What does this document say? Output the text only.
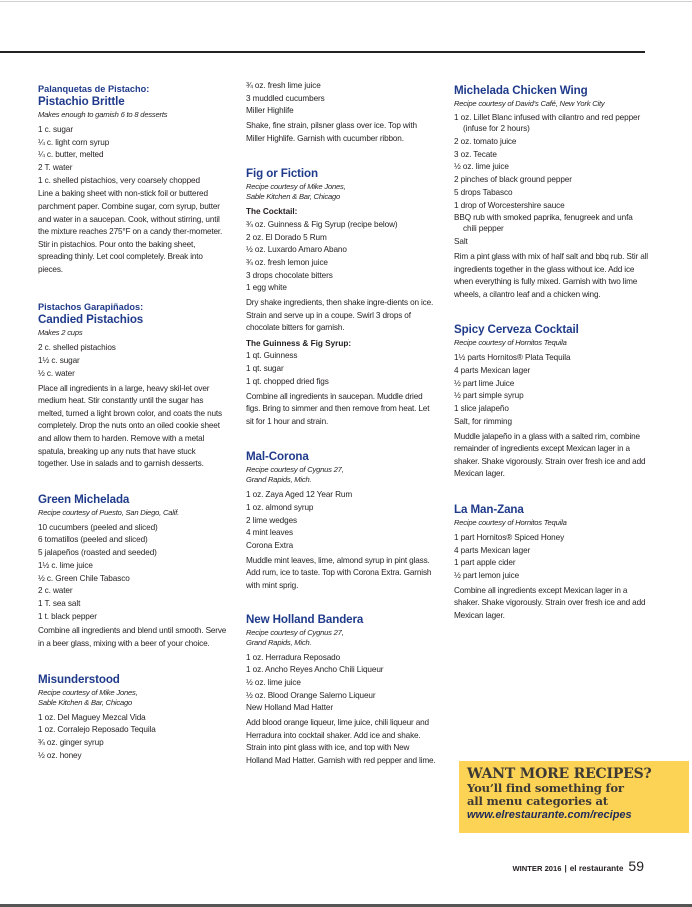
Palanquetas de Pistacho:
Pistachio Brittle
Makes enough to garnish 6 to 8 desserts
1 c. sugar
¼ c. light corn syrup
¼ c. butter, melted
2 T. water
1 c. shelled pistachios, very coarsely chopped
Line a baking sheet with non-stick foil or buttered parchment paper. Combine sugar, corn syrup, butter and water in a saucepan. Cook, without stirring, until the mixture reaches 275°F on a candy ther-mometer. Stir in pistachios. Pour onto the baking sheet, spreading thinly. Let cool completely. Break into pieces.
Pistachos Garapiñados:
Candied Pistachios
Makes 2 cups
2 c. shelled pistachios
1½ c. sugar
½ c. water
Place all ingredients in a large, heavy skil-let over medium heat. Stir constantly until the sugar has melted, turned a light brown color, and coats the nuts completely. Drop the nuts onto an oiled cookie sheet and allow them to harden. Remove with a metal spatula, breaking up any nuts that have stuck together. Use in salads and to garnish desserts.
Green Michelada
Recipe courtesy of Puesto, San Diego, Calif.
10 cucumbers (peeled and sliced)
6 tomatillos (peeled and sliced)
5 jalapeños (roasted and seeded)
1½ c. lime juice
½ c. Green Chile Tabasco
2 c. water
1 T. sea salt
1 t. black pepper
Combine all ingredients and blend until smooth. Serve in a beer glass, mixing with a beer of your choice.
Misunderstood
Recipe courtesy of Mike Jones,
Sable Kitchen & Bar, Chicago
1 oz. Del Maguey Mezcal Vida
1 oz. Corralejo Reposado Tequila
¾ oz. ginger syrup
½ oz. honey
¾ oz. fresh lime juice
3 muddled cucumbers
Miller Highlife
Shake, fine strain, pilsner glass over ice. Top with Miller Highlife. Garnish with cucumber ribbon.
Fig or Fiction
Recipe courtesy of Mike Jones,
Sable Kitchen & Bar, Chicago
The Cocktail:
¾ oz. Guinness & Fig Syrup (recipe below)
2 oz. El Dorado 5 Rum
½ oz. Luxardo Amaro Abano
¾ oz. fresh lemon juice
3 drops chocolate bitters
1 egg white
Dry shake ingredients, then shake ingre-dients on ice. Strain and serve up in a coupe. Swirl 3 drops of chocolate bitters for garnish.
The Guinness & Fig Syrup:
1 qt. Guinness
1 qt. sugar
1 qt. chopped dried figs
Combine all ingredients in saucepan. Muddle dried figs. Bring to simmer and then remove from heat. Let sit for 1 hour and strain.
Mal-Corona
Recipe courtesy of Cygnus 27,
Grand Rapids, Mich.
1 oz. Zaya Aged 12 Year Rum
1 oz. almond syrup
2 lime wedges
4 mint leaves
Corona Extra
Muddle mint leaves, lime, almond syrup in pint glass. Add rum, ice to taste. Top with Corona Extra. Garnish with mint sprig.
New Holland Bandera
Recipe courtesy of Cygnus 27,
Grand Rapids, Mich.
1 oz. Herradura Reposado
1 oz. Ancho Reyes Ancho Chili Liqueur
½ oz. lime juice
½ oz. Blood Orange Salerno Liqueur
New Holland Mad Hatter
Add blood orange liqueur, lime juice, chili liqueur and Herradura into cocktail shaker. Add ice and shake. Strain into pint glass with ice, and top with New Holland Mad Hatter. Garnish with red pepper and lime.
Michelada Chicken Wing
Recipe courtesy of David’s Café, New York City
1 oz. Lillet Blanc infused with cilantro and red pepper (infuse for 2 hours)
2 oz. tomato juice
3 oz. Tecate
½ oz. lime juice
2 pinches of black ground pepper
5 drops Tabasco
1 drop of Worcestershire sauce
BBQ rub with smoked paprika, fenugreek and unfa chili pepper
Salt
Rim a pint glass with mix of half salt and bbq rub. Stir all ingredients together in the glass without ice. Add ice when everything is fully mixed. Garnish with two lime wheels, a cilantro leaf and a chicken wing.
Spicy Cerveza Cocktail
Recipe courtesy of Hornitos Tequila
1½ parts Hornitos® Plata Tequila
4 parts Mexican lager
½ part lime Juice
½ part simple syrup
1 slice jalapeño
Salt, for rimming
Muddle jalapeño in a glass with a salted rim, combine remainder of ingredients except Mexican lager in a shaker. Shake vigorously. Strain over fresh ice and add Mexican lager.
La Man-Zana
Recipe courtesy of Hornitos Tequila
1 part Hornitos® Spiced Honey
4 parts Mexican lager
1 part apple cider
½ part lemon juice
Combine all ingredients except Mexican lager in a shaker. Shake vigorously. Strain over fresh ice and add Mexican lager.
WANT MORE RECIPES?
You’ll find something for
all menu categories at
www.elrestaurante.com/recipes
WINTER 2016 | el restaurante 59
